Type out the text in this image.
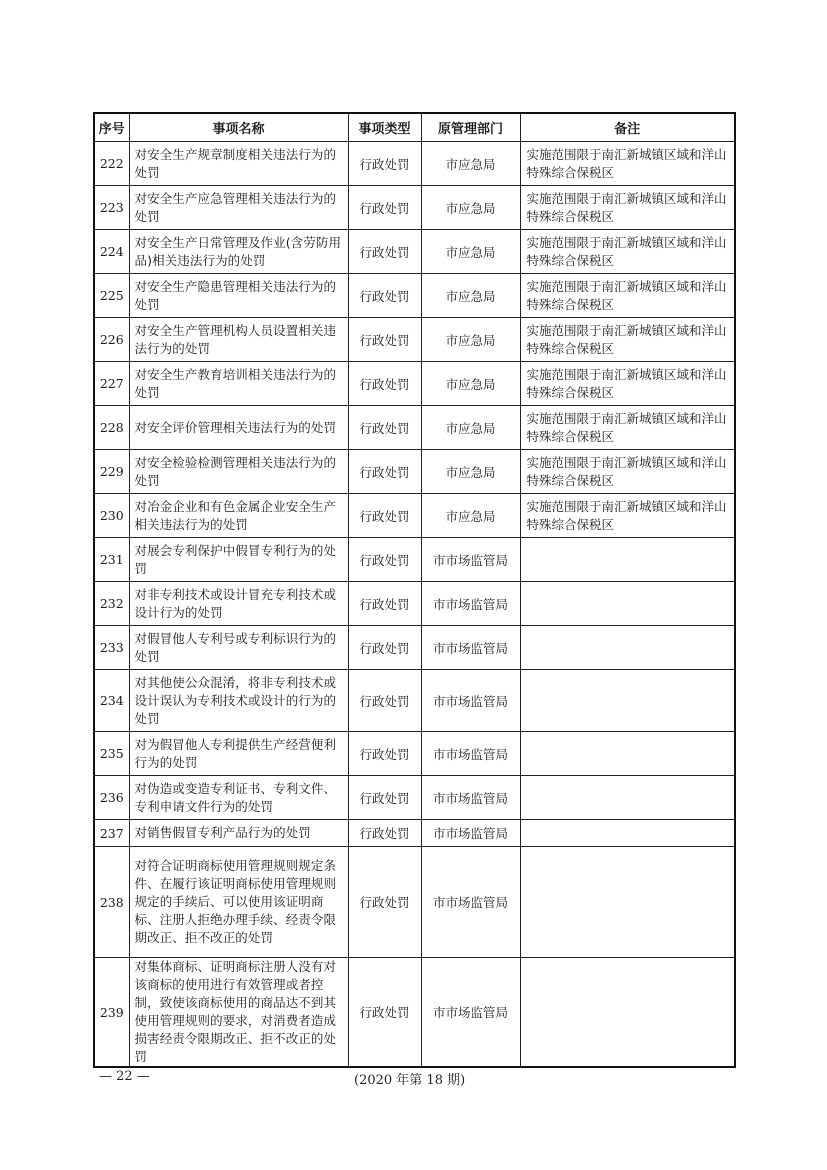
序号	事项名称	事项类型	原管理部门	备注
222	对安全生产规章制度相关违法行为的处罚	行政处罚	市应急局	实施范围限于南汇新城镇区域和洋山特殊综合保税区
223	对安全生产应急管理相关违法行为的处罚	行政处罚	市应急局	实施范围限于南汇新城镇区域和洋山特殊综合保税区
224	对安全生产日常管理及作业(含劳防用品)相关违法行为的处罚	行政处罚	市应急局	实施范围限于南汇新城镇区域和洋山特殊综合保税区
225	对安全生产隐患管理相关违法行为的处罚	行政处罚	市应急局	实施范围限于南汇新城镇区域和洋山特殊综合保税区
226	对安全生产管理机构人员设置相关违法行为的处罚	行政处罚	市应急局	实施范围限于南汇新城镇区域和洋山特殊综合保税区
227	对安全生产教育培训相关违法行为的处罚	行政处罚	市应急局	实施范围限于南汇新城镇区域和洋山特殊综合保税区
228	对安全评价管理相关违法行为的处罚	行政处罚	市应急局	实施范围限于南汇新城镇区域和洋山特殊综合保税区
229	对安全检验检测管理相关违法行为的处罚	行政处罚	市应急局	实施范围限于南汇新城镇区域和洋山特殊综合保税区
230	对冶金企业和有色金属企业安全生产相关违法行为的处罚	行政处罚	市应急局	实施范围限于南汇新城镇区域和洋山特殊综合保税区
231	对展会专利保护中假冒专利行为的处罚	行政处罚	市市场监管局	
232	对非专利技术或设计冒充专利技术或设计行为的处罚	行政处罚	市市场监管局	
233	对假冒他人专利号或专利标识行为的处罚	行政处罚	市市场监管局	
234	对其他使公众混淆，将非专利技术或设计误认为专利技术或设计的行为的处罚	行政处罚	市市场监管局	
235	对为假冒他人专利提供生产经营便利行为的处罚	行政处罚	市市场监管局	
236	对伪造或变造专利证书、专利文件、专利申请文件行为的处罚	行政处罚	市市场监管局	
237	对销售假冒专利产品行为的处罚	行政处罚	市市场监管局	
238	对符合证明商标使用管理规则规定条件、在履行该证明商标使用管理规则规定的手续后、可以使用该证明商标、注册人拒绝办理手续、经责令限期改正、拒不改正的处罚	行政处罚	市市场监管局	
239	对集体商标、证明商标注册人没有对该商标的使用进行有效管理或者控制，致使该商标使用的商品达不到其使用管理规则的要求，对消费者造成损害经责令限期改正、拒不改正的处罚	行政处罚	市市场监管局	
— 22 —	(2020 年第 18 期)
